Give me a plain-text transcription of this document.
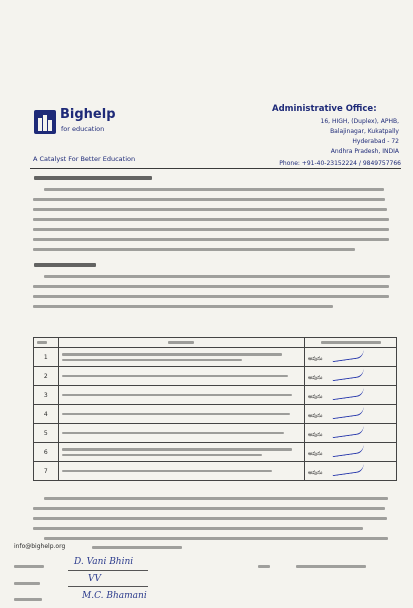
Bighelp
for education
A Catalyst For Better Education
Administrative Office:
16, HIGH, (Duplex), APHB,
Balajinagar, Kukatpally
Hyderabad - 72
Andhra Pradesh, INDIA
Phone: +91-40-23152224 / 9849757766

1		అవును
2		అవును
3		అవును
4		అవును
5		అవును
6		అవును
7		అవును
info@bighelp.org
D. Vani Bhini
VV
M.C. Bhamani
